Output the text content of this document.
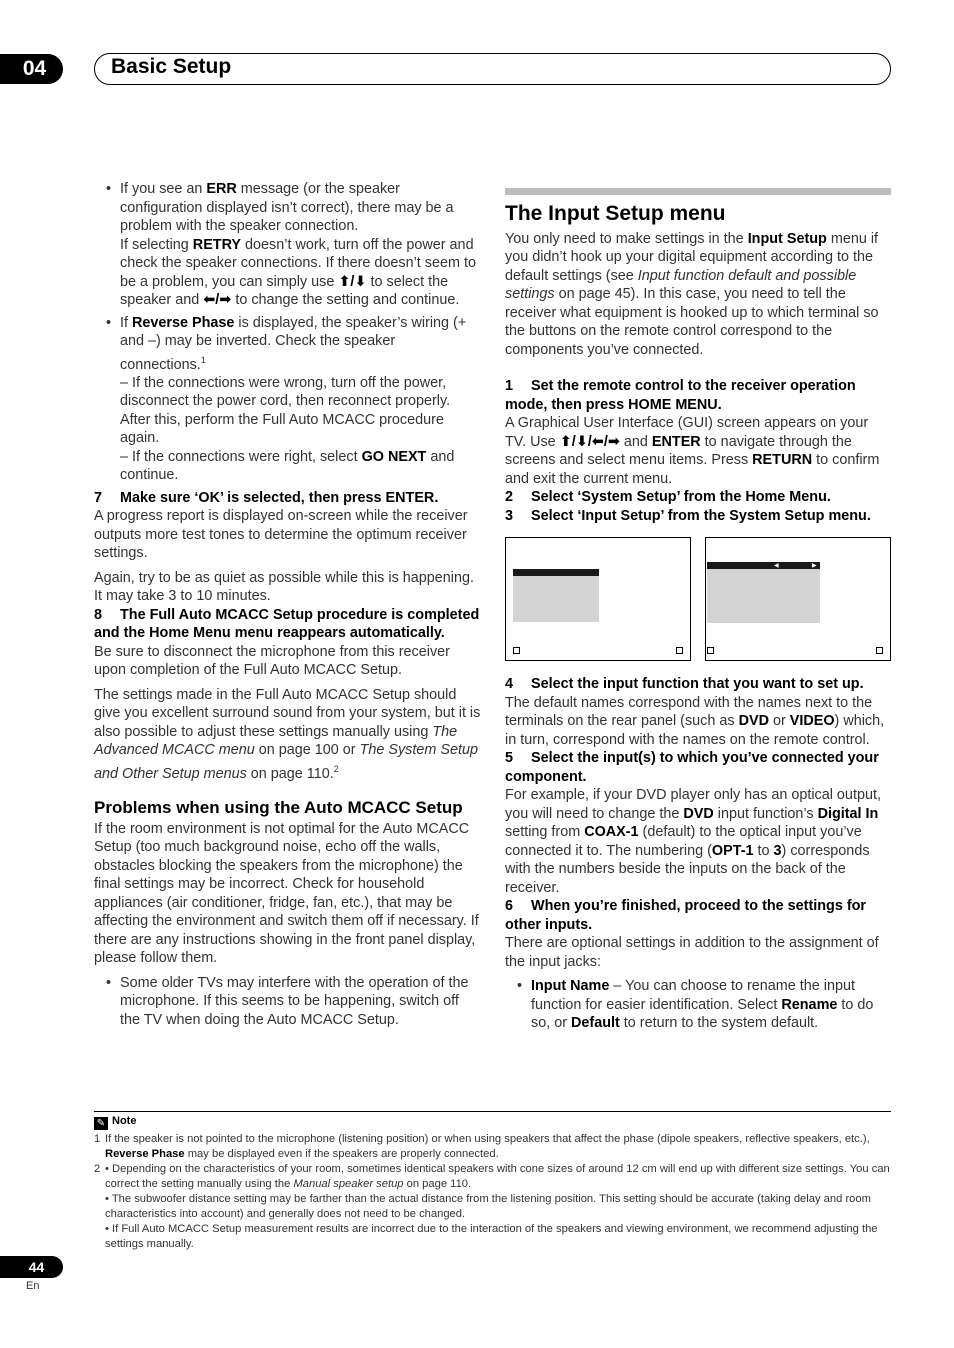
04	Basic Setup
• If you see an ERR message (or the speaker configuration displayed isn’t correct), there may be a problem with the speaker connection.
If selecting RETRY doesn’t work, turn off the power and check the speaker connections. If there doesn’t seem to be a problem, you can simply use ⬆/⬇ to select the speaker and ⬅/➡ to change the setting and continue.

• If Reverse Phase is displayed, the speaker’s wiring (+ and –) may be inverted. Check the speaker connections.$^1$
– If the connections were wrong, turn off the power, disconnect the power cord, then reconnect properly. After this, perform the Full Auto MCACC procedure again.
– If the connections were right, select GO NEXT and continue.

7 Make sure ‘OK’ is selected, then press ENTER.

A progress report is displayed on-screen while the receiver outputs more test tones to determine the optimum receiver settings.

Again, try to be as quiet as possible while this is happening. It may take 3 to 10 minutes.

8 The Full Auto MCACC Setup procedure is completed and the Home Menu menu reappears automatically.

Be sure to disconnect the microphone from this receiver upon completion of the Full Auto MCACC Setup.

The settings made in the Full Auto MCACC Setup should give you excellent surround sound from your system, but it is also possible to adjust these settings manually using The Advanced MCACC menu on page 100 or The System Setup and Other Setup menus on page 110.$^2$

Problems when using the Auto MCACC Setup

If the room environment is not optimal for the Auto MCACC Setup (too much background noise, echo off the walls, obstacles blocking the speakers from the microphone) the final settings may be incorrect. Check for household appliances (air conditioner, fridge, fan, etc.), that may be affecting the environment and switch them off if necessary. If there are any instructions showing in the front panel display, please follow them.

• Some older TVs may interfere with the operation of the microphone. If this seems to be happening, switch off the TV when doing the Auto MCACC Setup.

The Input Setup menu

You only need to make settings in the Input Setup menu if you didn’t hook up your digital equipment according to the default settings (see Input function default and possible settings on page 45). In this case, you need to tell the receiver what equipment is hooked up to which terminal so the buttons on the remote control correspond to the components you’ve connected.

1 Set the remote control to the receiver operation mode, then press HOME MENU.

A Graphical User Interface (GUI) screen appears on your TV. Use ⬆/⬇/⬅/➡ and ENTER to navigate through the screens and select menu items. Press RETURN to confirm and exit the current menu.

2 Select ‘System Setup’ from the Home Menu.

3 Select ‘Input Setup’ from the System Setup menu.

◀	▶

4 Select the input function that you want to set up.

The default names correspond with the names next to the terminals on the rear panel (such as DVD or VIDEO) which, in turn, correspond with the names on the remote control.

5 Select the input(s) to which you’ve connected your component.

For example, if your DVD player only has an optical output, you will need to change the DVD input function’s Digital In setting from COAX-1 (default) to the optical input you’ve connected it to. The numbering (OPT-1 to 3) corresponds with the numbers beside the inputs on the back of the receiver.

6 When you’re finished, proceed to the settings for other inputs.

There are optional settings in addition to the assignment of the input jacks:

• Input Name – You can choose to rename the input function for easier identification. Select Rename to do so, or Default to return to the system default.

✎ Note

1 If the speaker is not pointed to the microphone (listening position) or when using speakers that affect the phase (dipole speakers, reflective speakers, etc.), Reverse Phase may be displayed even if the speakers are properly connected.

2 • Depending on the characteristics of your room, sometimes identical speakers with cone sizes of around 12 cm will end up with different size settings. You can correct the setting manually using the Manual speaker setup on page 110.

• The subwoofer distance setting may be farther than the actual distance from the listening position. This setting should be accurate (taking delay and room characteristics into account) and generally does not need to be changed.

• If Full Auto MCACC Setup measurement results are incorrect due to the interaction of the speakers and viewing environment, we recommend adjusting the settings manually.

44
En
